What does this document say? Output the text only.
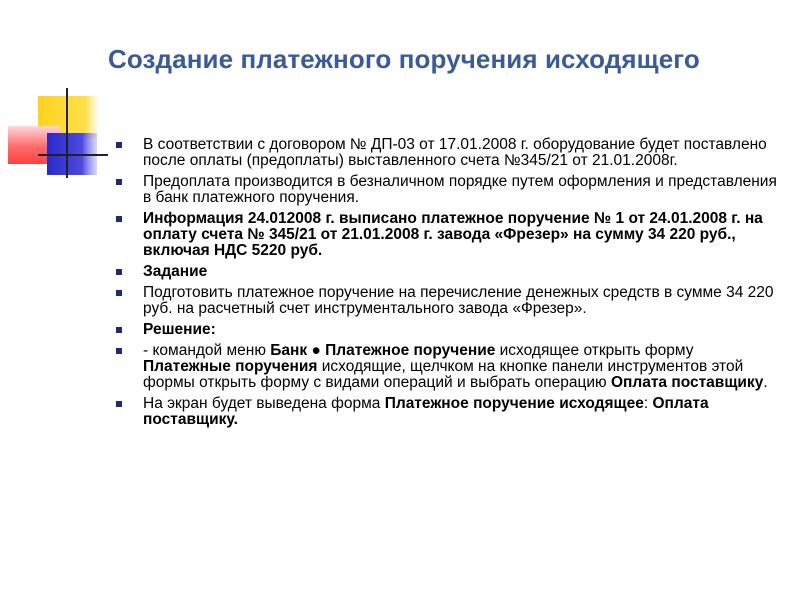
Создание платежного поручения исходящего
В соответствии с договором № ДП-03 от 17.01.2008 г. оборудование будет поставлено после оплаты (предоплаты) выставленного счета №345/21 от 21.01.2008г.
Предоплата производится в безналичном порядке путем оформления и представления в банк платежного поручения.
Информация 24.012008 г. выписано платежное поручение № 1 от 24.01.2008 г. на оплату счета № 345/21 от 21.01.2008 г. завода «Фрезер» на сумму 34 220 руб., включая НДС 5220 руб.
Задание
Подготовить платежное поручение на перечисление денежных средств в сумме 34 220 руб. на расчетный счет инструментального завода «Фрезер».
Решение:
- командой меню Банк ● Платежное поручение исходящее открыть форму Платежные поручения исходящие, щелчком на кнопке панели инструментов этой формы открыть форму с видами операций и выбрать операцию Оплата поставщику.
На экран будет выведена форма Платежное поручение исходящее: Оплата поставщику.
